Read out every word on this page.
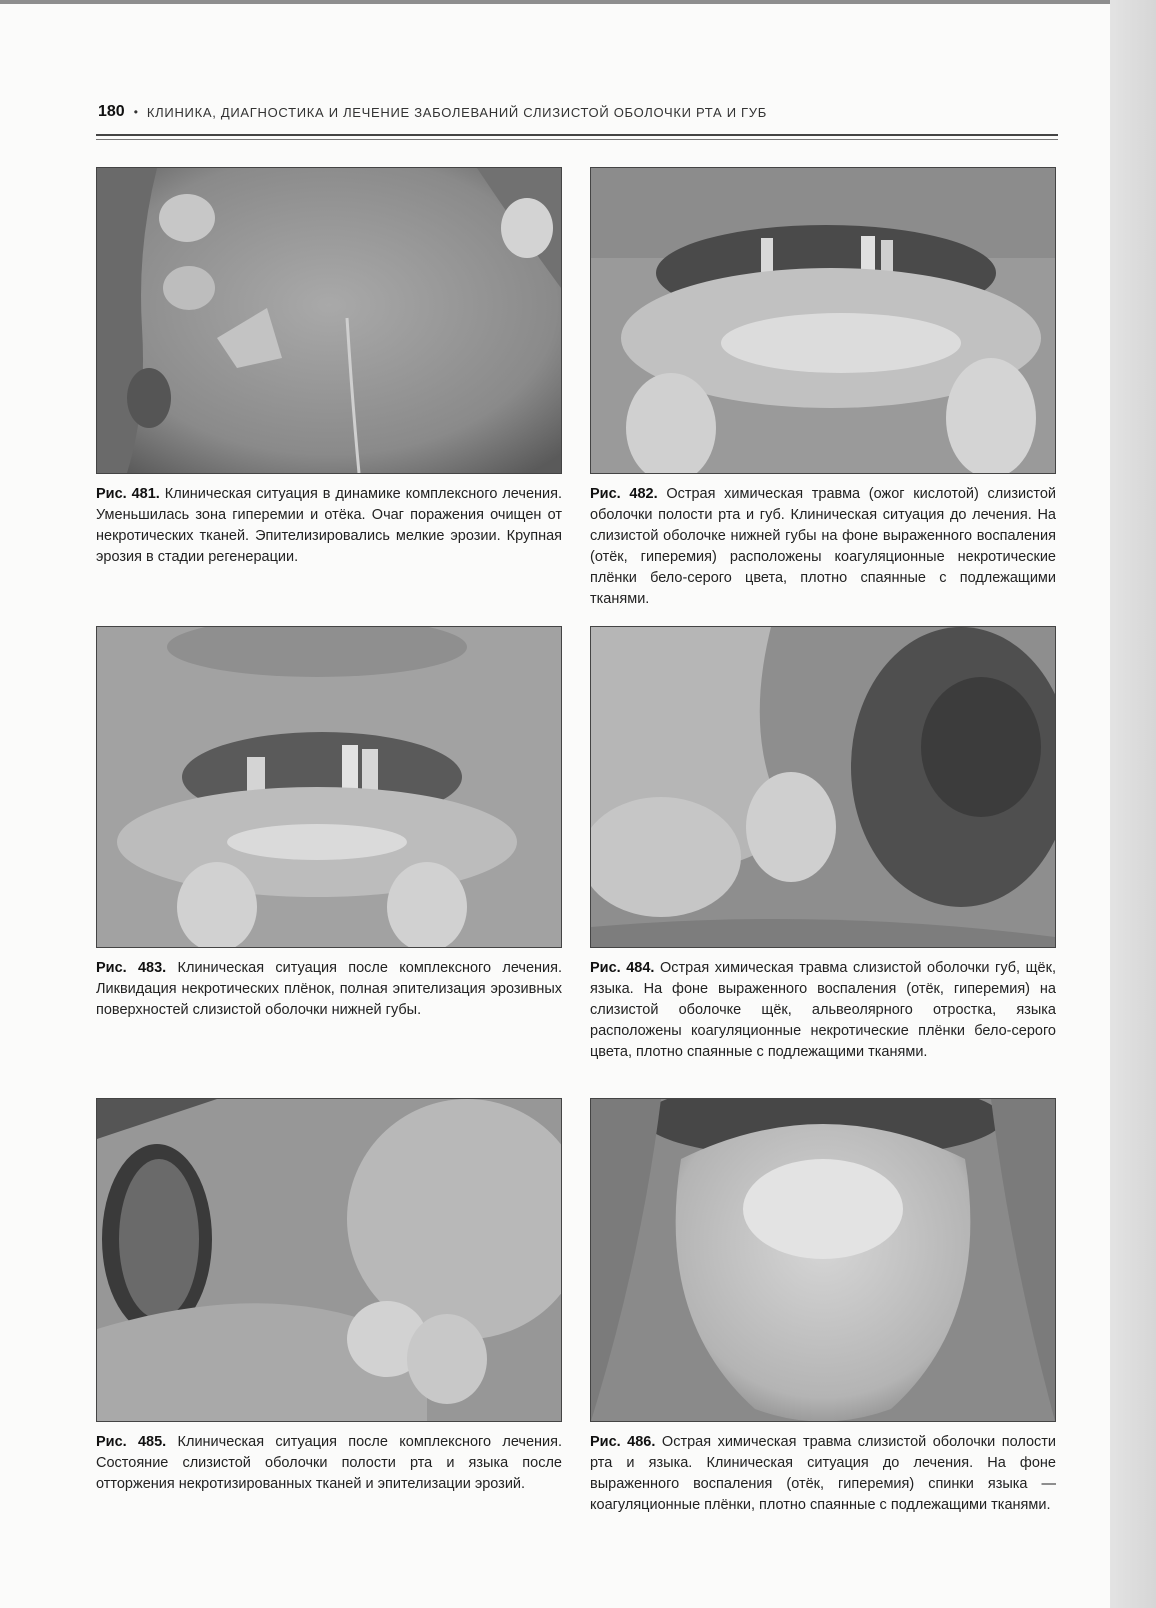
180 • КЛИНИКА, ДИАГНОСТИКА И ЛЕЧЕНИЕ ЗАБОЛЕВАНИЙ СЛИЗИСТОЙ ОБОЛОЧКИ РТА И ГУБ
Рис. 481. Клиническая ситуация в динамике комплексного лечения. Уменьшилась зона гиперемии и отёка. Очаг поражения очищен от некротических тканей. Эпителизировались мелкие эрозии. Крупная эрозия в стадии регенерации.
Рис. 482. Острая химическая травма (ожог кислотой) слизистой оболочки полости рта и губ. Клиническая ситуация до лечения. На слизистой оболочке нижней губы на фоне выраженного воспаления (отёк, гиперемия) расположены коагуляционные некротические плёнки бело-серого цвета, плотно спаянные с подлежащими тканями.
Рис. 483. Клиническая ситуация после комплексного лечения. Ликвидация некротических плёнок, полная эпителизация эрозивных поверхностей слизистой оболочки нижней губы.
Рис. 484. Острая химическая травма слизистой оболочки губ, щёк, языка. На фоне выраженного воспаления (отёк, гиперемия) на слизистой оболочке щёк, альвеолярного отростка, языка расположены коагуляционные некротические плёнки бело-серого цвета, плотно спаянные с подлежащими тканями.
Рис. 485. Клиническая ситуация после комплексного лечения. Состояние слизистой оболочки полости рта и языка после отторжения некротизированных тканей и эпителизации эрозий.
Рис. 486. Острая химическая травма слизистой оболочки полости рта и языка. Клиническая ситуация до лечения. На фоне выраженного воспаления (отёк, гиперемия) спинки языка — коагуляционные плёнки, плотно спаянные с подлежащими тканями.
